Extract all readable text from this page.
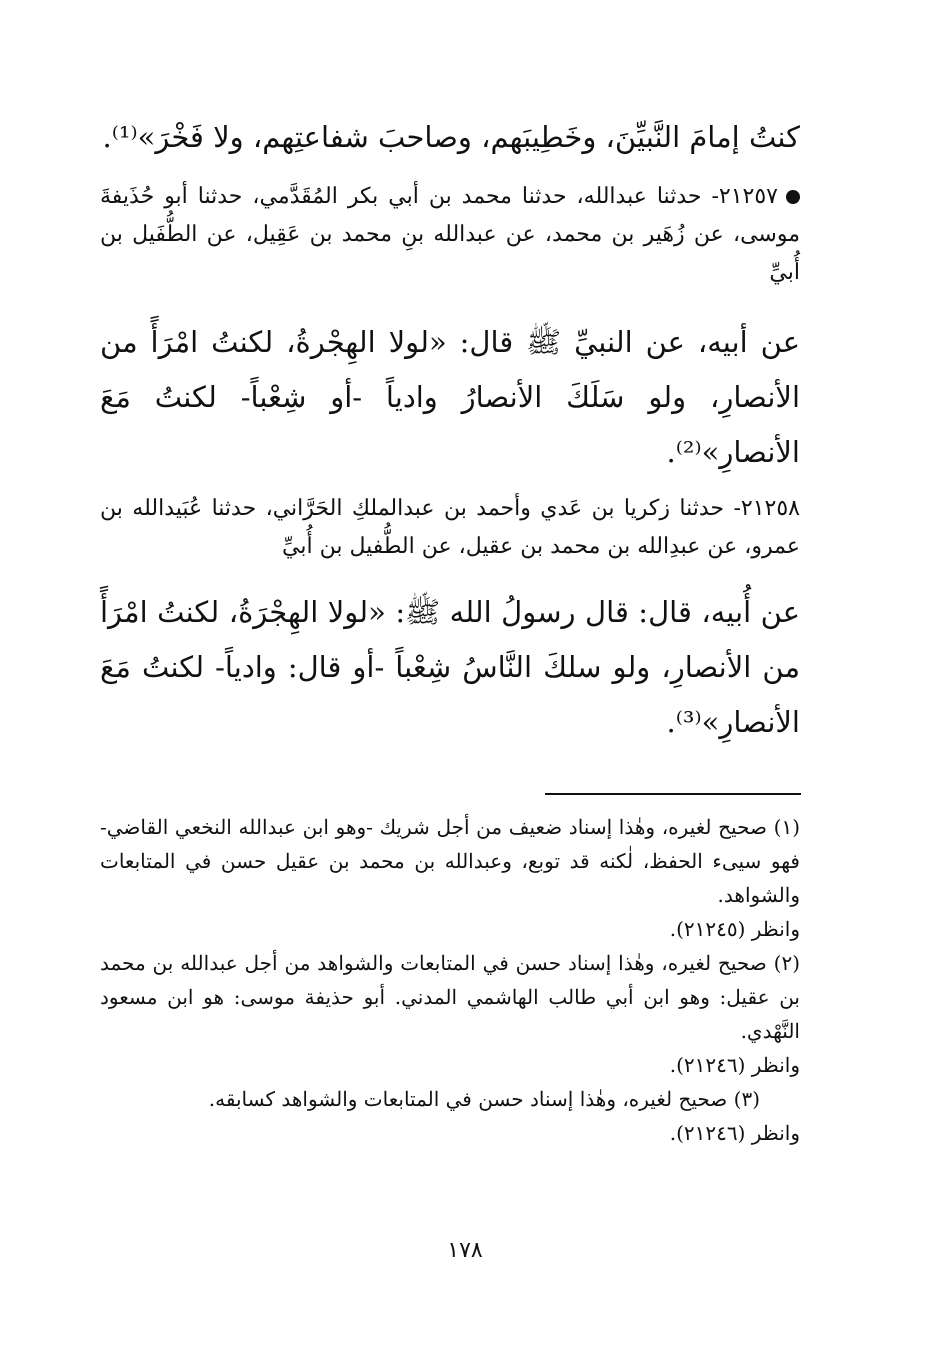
كنتُ إمامَ النَّبيِّنَ، وخَطِيبَهم، وصاحبَ شفاعتِهم، ولا فَخْرَ»⁽¹⁾.

٢١٢٥٧- حدثنا عبدالله، حدثنا محمد بن أبي بكر المُقَدَّمي، حدثنا أبو حُذَيفةَ موسى، عن زُهَير بن محمد، عن عبدالله بنِ محمد بن عَقِيل، عن الطُّفَيل بن أُبيِّ

عن أبيه، عن النبيِّ ﷺ قال: «لولا الهِجْرةُ، لكنتُ امْرَأً من الأنصارِ، ولو سَلَكَ الأنصارُ وادياً -أو شِعْباً- لكنتُ مَعَ الأنصارِ»⁽²⁾.

٢١٢٥٨- حدثنا زكريا بن عَدي وأحمد بن عبدالملكِ الحَرَّاني، حدثنا عُبَيدالله بن عمرو، عن عبدِالله بن محمد بن عقيل، عن الطُّفيل بن أُبيِّ

عن أُبيه، قال: قال رسولُ الله ﷺ: «لولا الهِجْرَةُ، لكنتُ امْرَأً من الأنصارِ، ولو سلكَ النَّاسُ شِعْباً -أو قال: وادياً- لكنتُ مَعَ الأنصارِ»⁽³⁾.

(١) صحيح لغيره، وهٰذا إسناد ضعيف من أجل شريك -وهو ابن عبدالله النخعي القاضي- فهو سيىء الحفظ، لٰكنه قد توبع، وعبدالله بن محمد بن عقيل حسن في المتابعات والشواهد.

وانظر (٢١٢٤٥).

(٢) صحيح لغيره، وهٰذا إسناد حسن في المتابعات والشواهد من أجل عبدالله بن محمد بن عقيل: وهو ابن أبي طالب الهاشمي المدني. أبو حذيفة موسى: هو ابن مسعود النَّهْدي.

وانظر (٢١٢٤٦).

(٣) صحيح لغيره، وهٰذا إسناد حسن في المتابعات والشواهد كسابقه.

وانظر (٢١٢٤٦).

١٧٨
